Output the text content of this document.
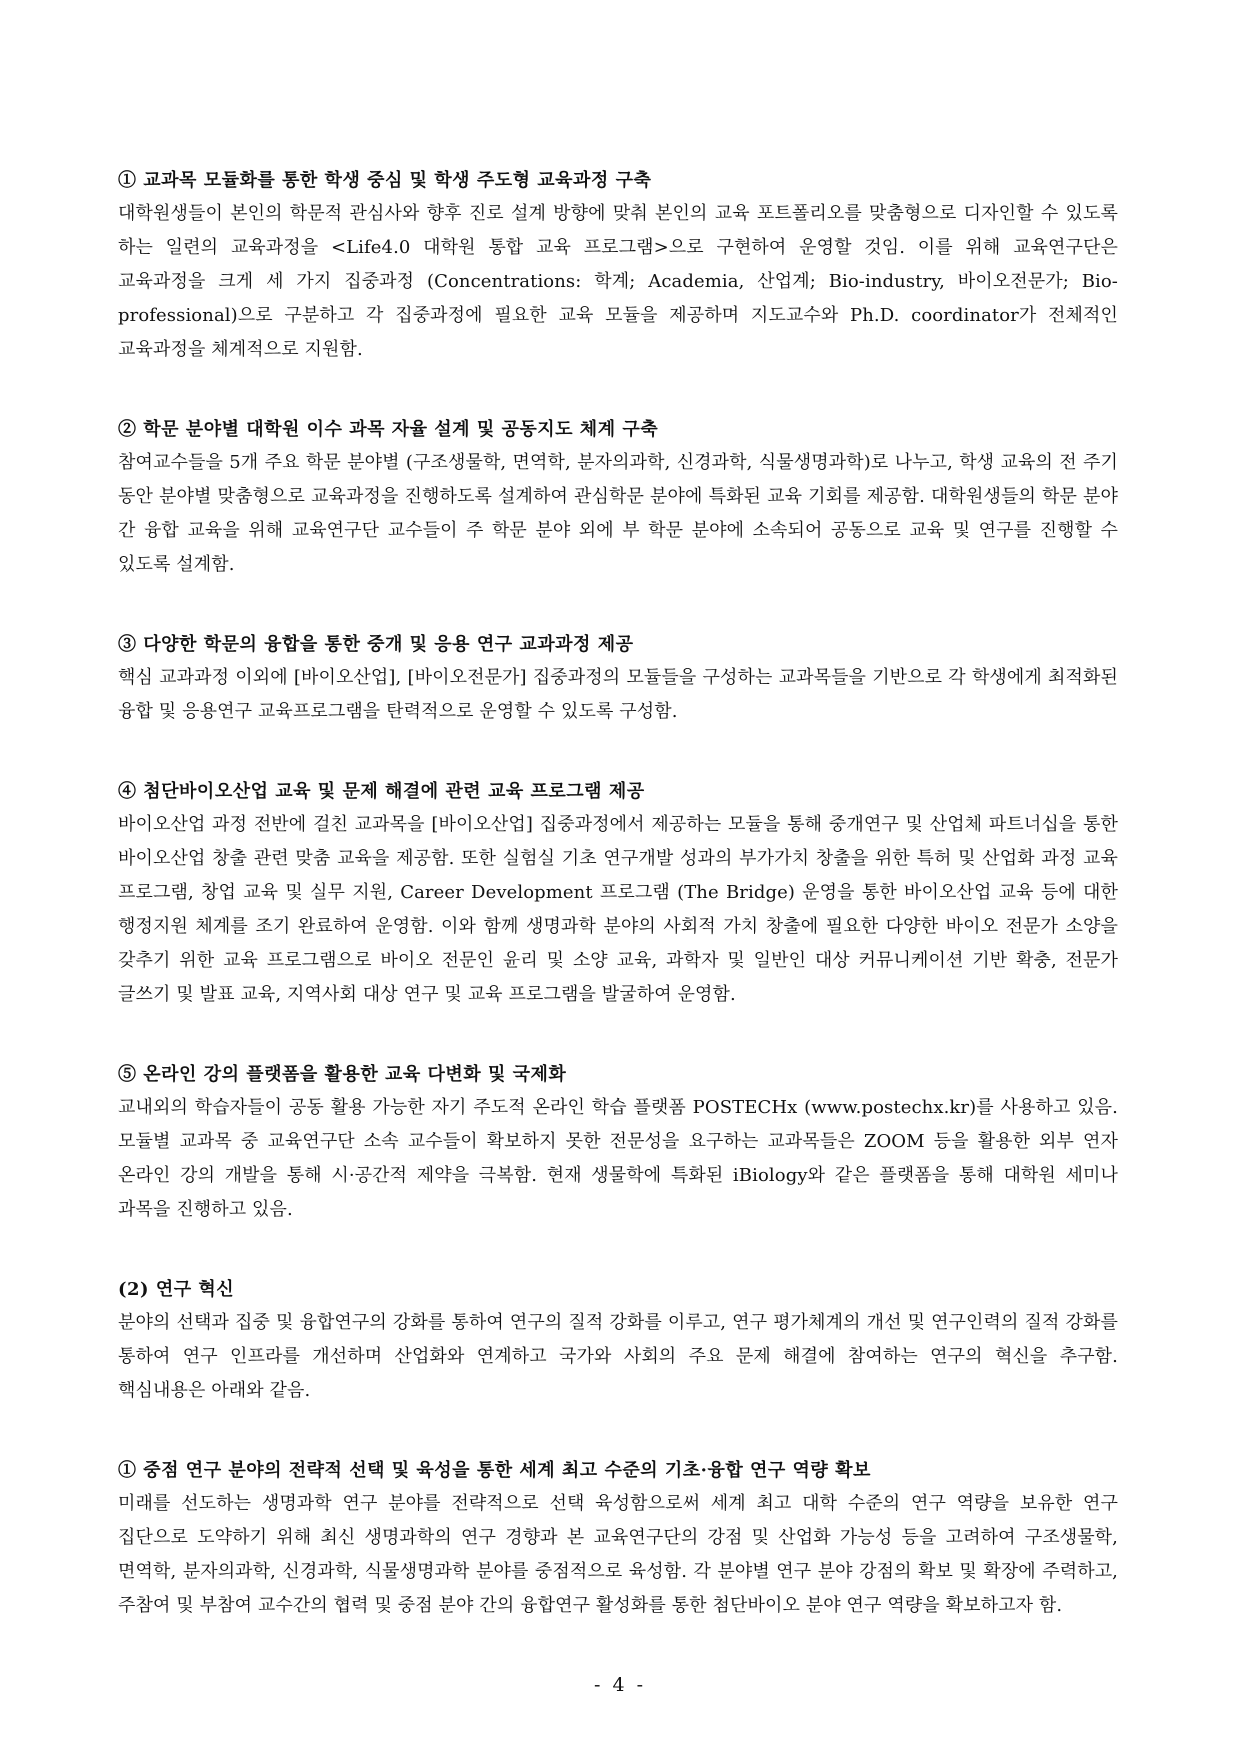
① 교과목 모듈화를 통한 학생 중심 및 학생 주도형 교육과정 구축

대학원생들이 본인의 학문적 관심사와 향후 진로 설계 방향에 맞춰 본인의 교육 포트폴리오를 맞춤형으로 디자인할 수 있도록 하는 일련의 교육과정을 <Life4.0 대학원 통합 교육 프로그램>으로 구현하여 운영할 것임. 이를 위해 교육연구단은 교육과정을 크게 세 가지 집중과정 (Concentrations: 학계; Academia, 산업계; Bio-industry, 바이오전문가; Bio-professional)으로 구분하고 각 집중과정에 필요한 교육 모듈을 제공하며 지도교수와 Ph.D. coordinator가 전체적인 교육과정을 체계적으로 지원함.

② 학문 분야별 대학원 이수 과목 자율 설계 및 공동지도 체계 구축

참여교수들을 5개 주요 학문 분야별 (구조생물학, 면역학, 분자의과학, 신경과학, 식물생명과학)로 나누고, 학생 교육의 전 주기 동안 분야별 맞춤형으로 교육과정을 진행하도록 설계하여 관심학문 분야에 특화된 교육 기회를 제공함. 대학원생들의 학문 분야 간 융합 교육을 위해 교육연구단 교수들이 주 학문 분야 외에 부 학문 분야에 소속되어 공동으로 교육 및 연구를 진행할 수 있도록 설계함.

③ 다양한 학문의 융합을 통한 중개 및 응용 연구 교과과정 제공

핵심 교과과정 이외에 [바이오산업], [바이오전문가] 집중과정의 모듈들을 구성하는 교과목들을 기반으로 각 학생에게 최적화된 융합 및 응용연구 교육프로그램을 탄력적으로 운영할 수 있도록 구성함.

④ 첨단바이오산업 교육 및 문제 해결에 관련 교육 프로그램 제공

바이오산업 과정 전반에 걸친 교과목을 [바이오산업] 집중과정에서 제공하는 모듈을 통해 중개연구 및 산업체 파트너십을 통한 바이오산업 창출 관련 맞춤 교육을 제공함. 또한 실험실 기초 연구개발 성과의 부가가치 창출을 위한 특허 및 산업화 과정 교육 프로그램, 창업 교육 및 실무 지원, Career Development 프로그램 (The Bridge) 운영을 통한 바이오산업 교육 등에 대한 행정지원 체계를 조기 완료하여 운영함. 이와 함께 생명과학 분야의 사회적 가치 창출에 필요한 다양한 바이오 전문가 소양을 갖추기 위한 교육 프로그램으로 바이오 전문인 윤리 및 소양 교육, 과학자 및 일반인 대상 커뮤니케이션 기반 확충, 전문가 글쓰기 및 발표 교육, 지역사회 대상 연구 및 교육 프로그램을 발굴하여 운영함.

⑤ 온라인 강의 플랫폼을 활용한 교육 다변화 및 국제화

교내외의 학습자들이 공동 활용 가능한 자기 주도적 온라인 학습 플랫폼 POSTECHx (www.postechx.kr)를 사용하고 있음. 모듈별 교과목 중 교육연구단 소속 교수들이 확보하지 못한 전문성을 요구하는 교과목들은 ZOOM 등을 활용한 외부 연자 온라인 강의 개발을 통해 시·공간적 제약을 극복함. 현재 생물학에 특화된 iBiology와 같은 플랫폼을 통해 대학원 세미나 과목을 진행하고 있음.

(2) 연구 혁신

분야의 선택과 집중 및 융합연구의 강화를 통하여 연구의 질적 강화를 이루고, 연구 평가체계의 개선 및 연구인력의 질적 강화를 통하여 연구 인프라를 개선하며 산업화와 연계하고 국가와 사회의 주요 문제 해결에 참여하는 연구의 혁신을 추구함. 핵심내용은 아래와 같음.

① 중점 연구 분야의 전략적 선택 및 육성을 통한 세계 최고 수준의 기초·융합 연구 역량 확보

미래를 선도하는 생명과학 연구 분야를 전략적으로 선택 육성함으로써 세계 최고 대학 수준의 연구 역량을 보유한 연구 집단으로 도약하기 위해 최신 생명과학의 연구 경향과 본 교육연구단의 강점 및 산업화 가능성 등을 고려하여 구조생물학, 면역학, 분자의과학, 신경과학, 식물생명과학 분야를 중점적으로 육성함. 각 분야별 연구 분야 강점의 확보 및 확장에 주력하고, 주참여 및 부참여 교수간의 협력 및 중점 분야 간의 융합연구 활성화를 통한 첨단바이오 분야 연구 역량을 확보하고자 함.

- 4 -
